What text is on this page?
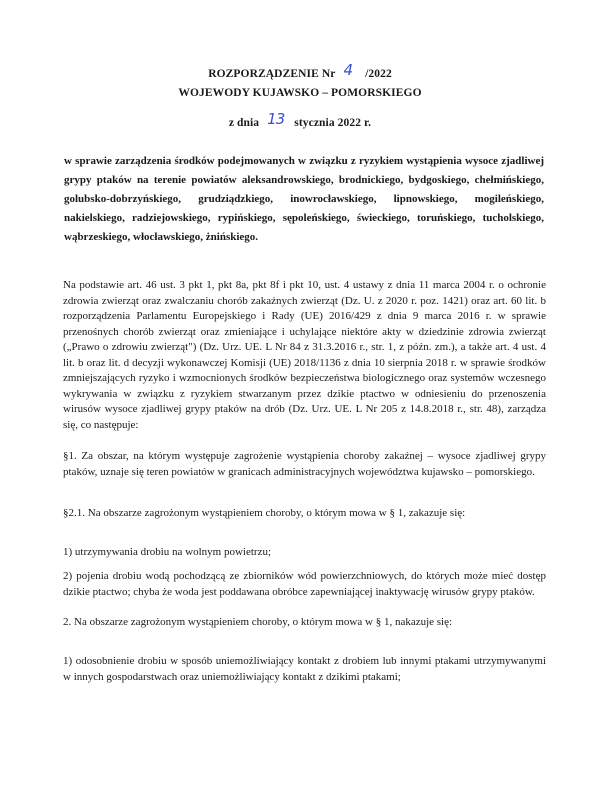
ROZPORZĄDZENIE Nr 4 /2022
WOJEWODY KUJAWSKO – POMORSKIEGO
z dnia 13 stycznia 2022 r.
w sprawie zarządzenia środków podejmowanych w związku z ryzykiem wystąpienia wysoce zjadliwej grypy ptaków na terenie powiatów aleksandrowskiego, brodnickiego, bydgoskiego, chełmińskiego, golubsko-dobrzyńskiego, grudziądzkiego, inowrocławskiego, lipnowskiego, mogileńskiego, nakielskiego, radziejowskiego, rypińskiego, sępoleńskiego, świeckiego, toruńskiego, tucholskiego, wąbrzeskiego, włocławskiego, żnińskiego.
Na podstawie art. 46 ust. 3 pkt 1, pkt 8a, pkt 8f i pkt 10, ust. 4 ustawy z dnia 11 marca 2004 r. o ochronie zdrowia zwierząt oraz zwalczaniu chorób zakaźnych zwierząt (Dz. U. z 2020 r. poz. 1421) oraz art. 60 lit. b rozporządzenia Parlamentu Europejskiego i Rady (UE) 2016/429 z dnia 9 marca 2016 r. w sprawie przenośnych chorób zwierząt oraz zmieniające i uchylające niektóre akty w dziedzinie zdrowia zwierząt („Prawo o zdrowiu zwierząt") (Dz. Urz. UE. L Nr 84 z 31.3.2016 r., str. 1, z późn. zm.), a także art. 4 ust. 4 lit. b oraz lit. d decyzji wykonawczej Komisji (UE) 2018/1136 z dnia 10 sierpnia 2018 r. w sprawie środków zmniejszających ryzyko i wzmocnionych środków bezpieczeństwa biologicznego oraz systemów wczesnego wykrywania w związku z ryzykiem stwarzanym przez dzikie ptactwo w odniesieniu do przenoszenia wirusów wysoce zjadliwej grypy ptaków na drób (Dz. Urz. UE. L Nr 205 z 14.8.2018 r., str. 48), zarządza się, co następuje:
§1. Za obszar, na którym występuje zagrożenie wystąpienia choroby zakaźnej – wysoce zjadliwej grypy ptaków, uznaje się teren powiatów w granicach administracyjnych województwa kujawsko – pomorskiego.
§2.1. Na obszarze zagrożonym wystąpieniem choroby, o którym mowa w § 1, zakazuje się:
1) utrzymywania drobiu na wolnym powietrzu;
2) pojenia drobiu wodą pochodzącą ze zbiorników wód powierzchniowych, do których może mieć dostęp dzikie ptactwo; chyba że woda jest poddawana obróbce zapewniającej inaktywację wirusów grypy ptaków.
2. Na obszarze zagrożonym wystąpieniem choroby, o którym mowa w § 1, nakazuje się:
1) odosobnienie drobiu w sposób uniemożliwiający kontakt z drobiem lub innymi ptakami utrzymywanymi w innych gospodarstwach oraz uniemożliwiający kontakt z dzikimi ptakami;
